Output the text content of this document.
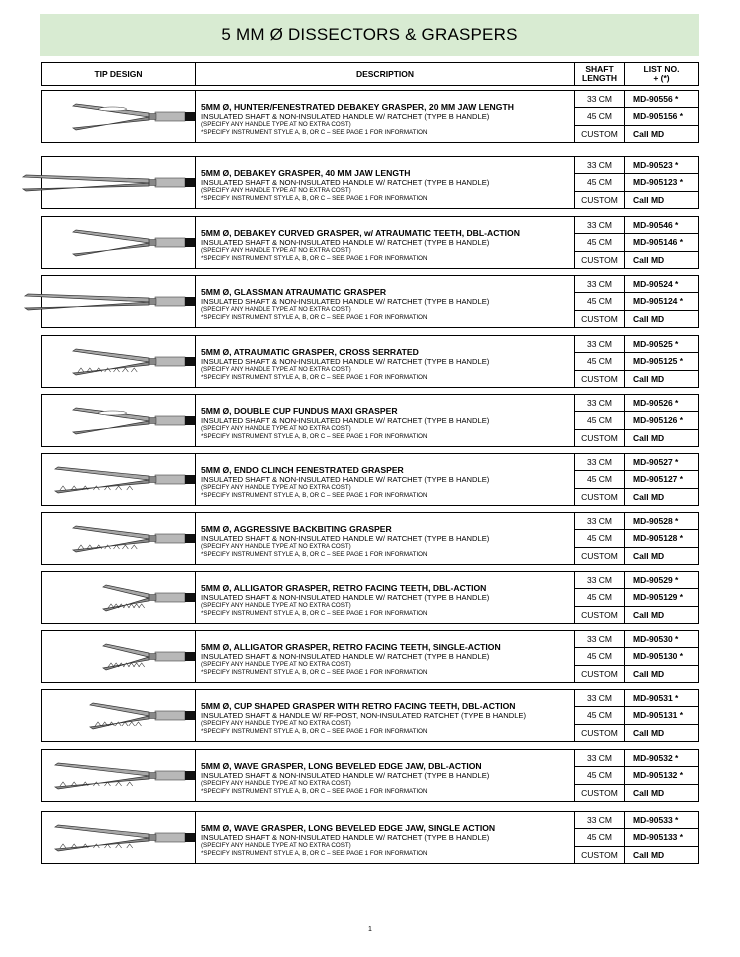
5 MM Ø DISSECTORS & GRASPERS
TIP DESIGN	DESCRIPTION	SHAFT
LENGTH
LIST NO.
+ (*)
5MM Ø, HUNTER/FENESTRATED DEBAKEY GRASPER, 20 MM JAW LENGTH
INSULATED SHAFT & NON-INSULATED HANDLE W/ RATCHET (TYPE B HANDLE)
(SPECIFY ANY HANDLE TYPE AT NO EXTRA COST)
*SPECIFY INSTRUMENT STYLE A, B, OR C – SEE PAGE 1 FOR INFORMATION
33 CM
45 CM
CUSTOM
MD-90556 *
MD-905156 *
Call MD
5MM Ø, DEBAKEY GRASPER, 40 MM JAW LENGTH
INSULATED SHAFT & NON-INSULATED HANDLE W/ RATCHET (TYPE B HANDLE)
(SPECIFY ANY HANDLE TYPE AT NO EXTRA COST)
*SPECIFY INSTRUMENT STYLE A, B, OR C – SEE PAGE 1 FOR INFORMATION
33 CM
45 CM
CUSTOM
MD-90523 *
MD-905123 *
Call MD
5MM Ø, DEBAKEY CURVED GRASPER, w/ ATRAUMATIC TEETH, DBL-ACTION
INSULATED SHAFT & NON-INSULATED HANDLE W/ RATCHET (TYPE B HANDLE)
(SPECIFY ANY HANDLE TYPE AT NO EXTRA COST)
*SPECIFY INSTRUMENT STYLE A, B, OR C – SEE PAGE 1 FOR INFORMATION
33 CM
45 CM
CUSTOM
MD-90546 *
MD-905146 *
Call MD
5MM Ø, GLASSMAN ATRAUMATIC GRASPER
INSULATED SHAFT & NON-INSULATED HANDLE W/ RATCHET (TYPE B HANDLE)
(SPECIFY ANY HANDLE TYPE AT NO EXTRA COST)
*SPECIFY INSTRUMENT STYLE A, B, OR C – SEE PAGE 1 FOR INFORMATION
33 CM
45 CM
CUSTOM
MD-90524 *
MD-905124 *
Call MD
5MM Ø, ATRAUMATIC GRASPER, CROSS SERRATED
INSULATED SHAFT & NON-INSULATED HANDLE W/ RATCHET (TYPE B HANDLE)
(SPECIFY ANY HANDLE TYPE AT NO EXTRA COST)
*SPECIFY INSTRUMENT STYLE A, B, OR C – SEE PAGE 1 FOR INFORMATION
33 CM
45 CM
CUSTOM
MD-90525 *
MD-905125 *
Call MD
5MM Ø, DOUBLE CUP FUNDUS MAXI GRASPER
INSULATED SHAFT & NON-INSULATED HANDLE W/ RATCHET (TYPE B HANDLE)
(SPECIFY ANY HANDLE TYPE AT NO EXTRA COST)
*SPECIFY INSTRUMENT STYLE A, B, OR C – SEE PAGE 1 FOR INFORMATION
33 CM
45 CM
CUSTOM
MD-90526 *
MD-905126 *
Call MD
5MM Ø, ENDO CLINCH FENESTRATED GRASPER
INSULATED SHAFT & NON-INSULATED HANDLE W/ RATCHET (TYPE B HANDLE)
(SPECIFY ANY HANDLE TYPE AT NO EXTRA COST)
*SPECIFY INSTRUMENT STYLE A, B, OR C – SEE PAGE 1 FOR INFORMATION
33 CM
45 CM
CUSTOM
MD-90527 *
MD-905127 *
Call MD
5MM Ø, AGGRESSIVE BACKBITING GRASPER
INSULATED SHAFT & NON-INSULATED HANDLE W/ RATCHET (TYPE B HANDLE)
(SPECIFY ANY HANDLE TYPE AT NO EXTRA COST)
*SPECIFY INSTRUMENT STYLE A, B, OR C – SEE PAGE 1 FOR INFORMATION
33 CM
45 CM
CUSTOM
MD-90528 *
MD-905128 *
Call MD
5MM Ø, ALLIGATOR GRASPER, RETRO FACING TEETH, DBL-ACTION
INSULATED SHAFT & NON-INSULATED HANDLE W/ RATCHET (TYPE B HANDLE)
(SPECIFY ANY HANDLE TYPE AT NO EXTRA COST)
*SPECIFY INSTRUMENT STYLE A, B, OR C – SEE PAGE 1 FOR INFORMATION
33 CM
45 CM
CUSTOM
MD-90529 *
MD-905129 *
Call MD
5MM Ø, ALLIGATOR GRASPER, RETRO FACING TEETH, SINGLE-ACTION
INSULATED SHAFT & NON-INSULATED HANDLE W/ RATCHET (TYPE B HANDLE)
(SPECIFY ANY HANDLE TYPE AT NO EXTRA COST)
*SPECIFY INSTRUMENT STYLE A, B, OR C – SEE PAGE 1 FOR INFORMATION
33 CM
45 CM
CUSTOM
MD-90530 *
MD-905130 *
Call MD
5MM Ø, CUP SHAPED GRASPER WITH RETRO FACING TEETH, DBL-ACTION
INSULATED SHAFT & HANDLE W/ RF-POST, NON-INSULATED RATCHET (TYPE B HANDLE)
(SPECIFY ANY HANDLE TYPE AT NO EXTRA COST)
*SPECIFY INSTRUMENT STYLE A, B, OR C – SEE PAGE 1 FOR INFORMATION
33 CM
45 CM
CUSTOM
MD-90531 *
MD-905131 *
Call MD
5MM Ø, WAVE GRASPER, LONG BEVELED EDGE JAW, DBL-ACTION
INSULATED SHAFT & NON-INSULATED HANDLE W/ RATCHET (TYPE B HANDLE)
(SPECIFY ANY HANDLE TYPE AT NO EXTRA COST)
*SPECIFY INSTRUMENT STYLE A, B, OR C – SEE PAGE 1 FOR INFORMATION
33 CM
45 CM
CUSTOM
MD-90532 *
MD-905132 *
Call MD
5MM Ø, WAVE GRASPER, LONG BEVELED EDGE JAW, SINGLE ACTION
INSULATED SHAFT & NON-INSULATED HANDLE W/ RATCHET (TYPE B HANDLE)
(SPECIFY ANY HANDLE TYPE AT NO EXTRA COST)
*SPECIFY INSTRUMENT STYLE A, B, OR C – SEE PAGE 1 FOR INFORMATION
33 CM
45 CM
CUSTOM
MD-90533 *
MD-905133 *
Call MD
1
